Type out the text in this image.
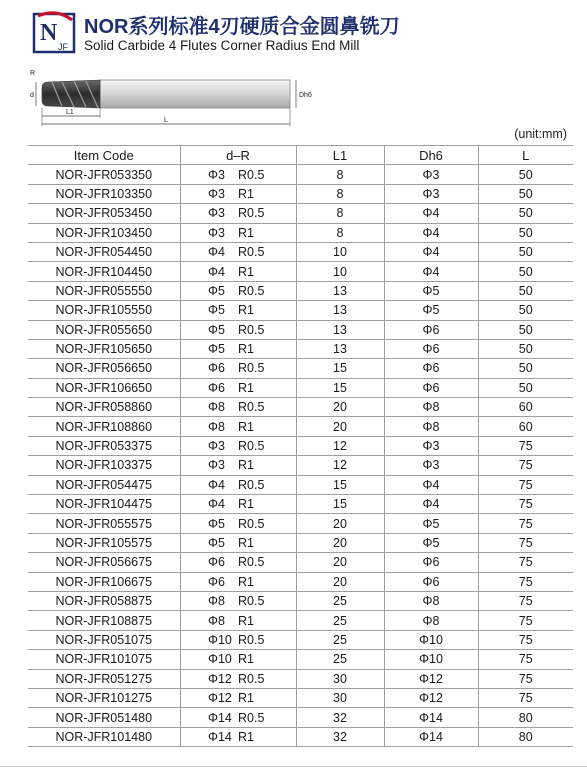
N
JF
NOR系列标准4刃硬质合金圆鼻铣刀
Solid Carbide 4 Flutes Corner Radius End Mill
d
R
Dh6
L1
L
(unit:mm)
Item Code	d–R	L1	Dh6	L
NOR-JFR053350	Φ3 R0.5	8	Φ3	50
NOR-JFR103350	Φ3 R1	8	Φ3	50
NOR-JFR053450	Φ3 R0.5	8	Φ4	50
NOR-JFR103450	Φ3 R1	8	Φ4	50
NOR-JFR054450	Φ4 R0.5	10	Φ4	50
NOR-JFR104450	Φ4 R1	10	Φ4	50
NOR-JFR055550	Φ5 R0.5	13	Φ5	50
NOR-JFR105550	Φ5 R1	13	Φ5	50
NOR-JFR055650	Φ5 R0.5	13	Φ6	50
NOR-JFR105650	Φ5 R1	13	Φ6	50
NOR-JFR056650	Φ6 R0.5	15	Φ6	50
NOR-JFR106650	Φ6 R1	15	Φ6	50
NOR-JFR058860	Φ8 R0.5	20	Φ8	60
NOR-JFR108860	Φ8 R1	20	Φ8	60
NOR-JFR053375	Φ3 R0.5	12	Φ3	75
NOR-JFR103375	Φ3 R1	12	Φ3	75
NOR-JFR054475	Φ4 R0.5	15	Φ4	75
NOR-JFR104475	Φ4 R1	15	Φ4	75
NOR-JFR055575	Φ5 R0.5	20	Φ5	75
NOR-JFR105575	Φ5 R1	20	Φ5	75
NOR-JFR056675	Φ6 R0.5	20	Φ6	75
NOR-JFR106675	Φ6 R1	20	Φ6	75
NOR-JFR058875	Φ8 R0.5	25	Φ8	75
NOR-JFR108875	Φ8 R1	25	Φ8	75
NOR-JFR051075	Φ10 R0.5	25	Φ10	75
NOR-JFR101075	Φ10 R1	25	Φ10	75
NOR-JFR051275	Φ12 R0.5	30	Φ12	75
NOR-JFR101275	Φ12 R1	30	Φ12	75
NOR-JFR051480	Φ14 R0.5	32	Φ14	80
NOR-JFR101480	Φ14 R1	32	Φ14	80
